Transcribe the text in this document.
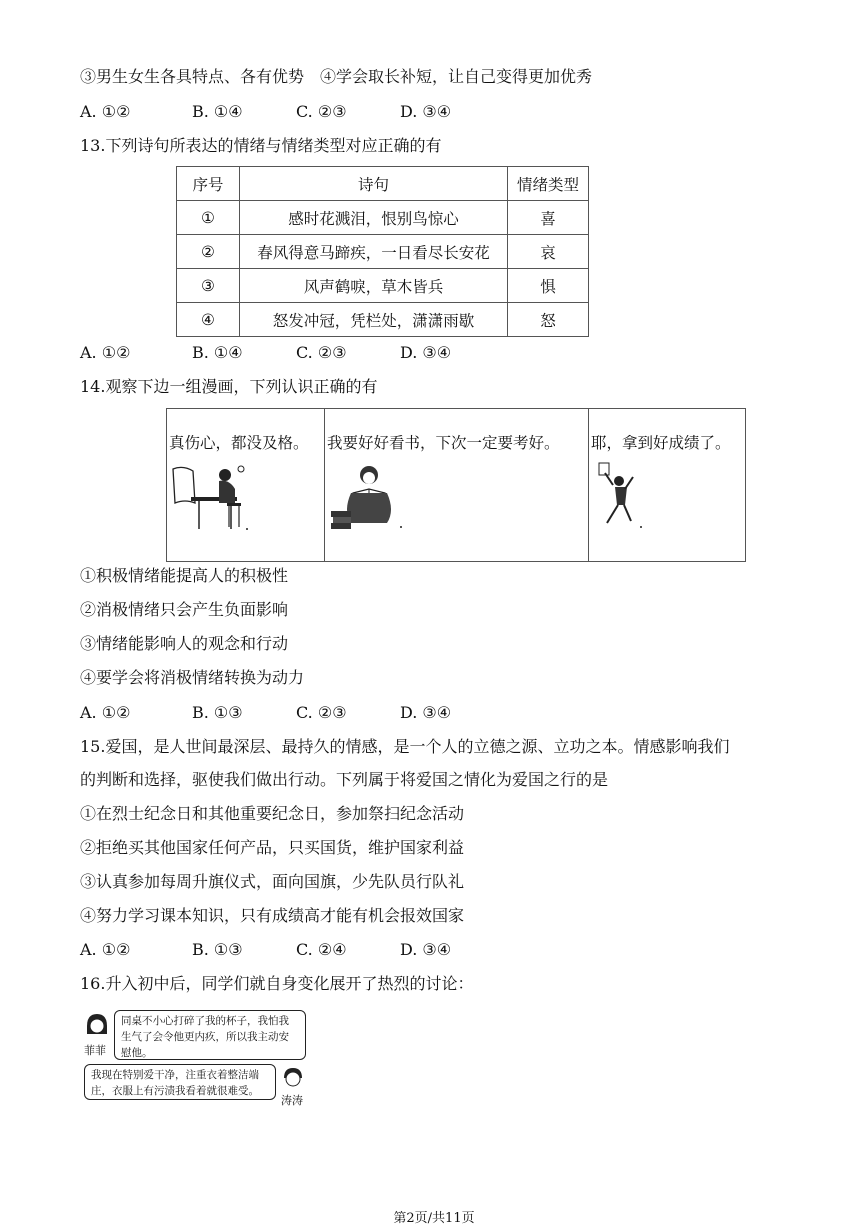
③男生女生各具特点、各有优势　④学会取长补短，让自己变得更加优秀
A. ①②	B. ①④	C. ②③	D. ③④
13.下列诗句所表达的情绪与情绪类型对应正确的有
序号	诗句	情绪类型
①	感时花溅泪，恨别鸟惊心	喜
②	春风得意马蹄疾，一日看尽长安花	哀
③	风声鹤唳，草木皆兵	惧
④	怒发冲冠，凭栏处，潇潇雨歇	怒
A. ①②	B. ①④	C. ②③	D. ③④
14.观察下边一组漫画，下列认识正确的有
真伤心，都没及格。 我要好好看书，下次一定要考好。 耶，拿到好成绩了。
①积极情绪能提高人的积极性
②消极情绪只会产生负面影响
③情绪能影响人的观念和行动
④要学会将消极情绪转换为动力
A. ①②	B. ①③	C. ②③	D. ③④
15.爱国，是人世间最深层、最持久的情感，是一个人的立德之源、立功之本。情感影响我们
的判断和选择，驱使我们做出行动。下列属于将爱国之情化为爱国之行的是
①在烈士纪念日和其他重要纪念日，参加祭扫纪念活动
②拒绝买其他国家任何产品，只买国货，维护国家利益
③认真参加每周升旗仪式，面向国旗，少先队员行队礼
④努力学习课本知识，只有成绩高才能有机会报效国家
A. ①②	B. ①③	C. ②④	D. ③④
16.升入初中后，同学们就自身变化展开了热烈的讨论：
菲菲
同桌不小心打碎了我的杯子，我怕我生气了会令他更内疚，所以我主动安慰他。
我现在特别爱干净，注重衣着整洁端庄，衣服上有污渍我看着就很难受。
涛涛
第2页/共11页
